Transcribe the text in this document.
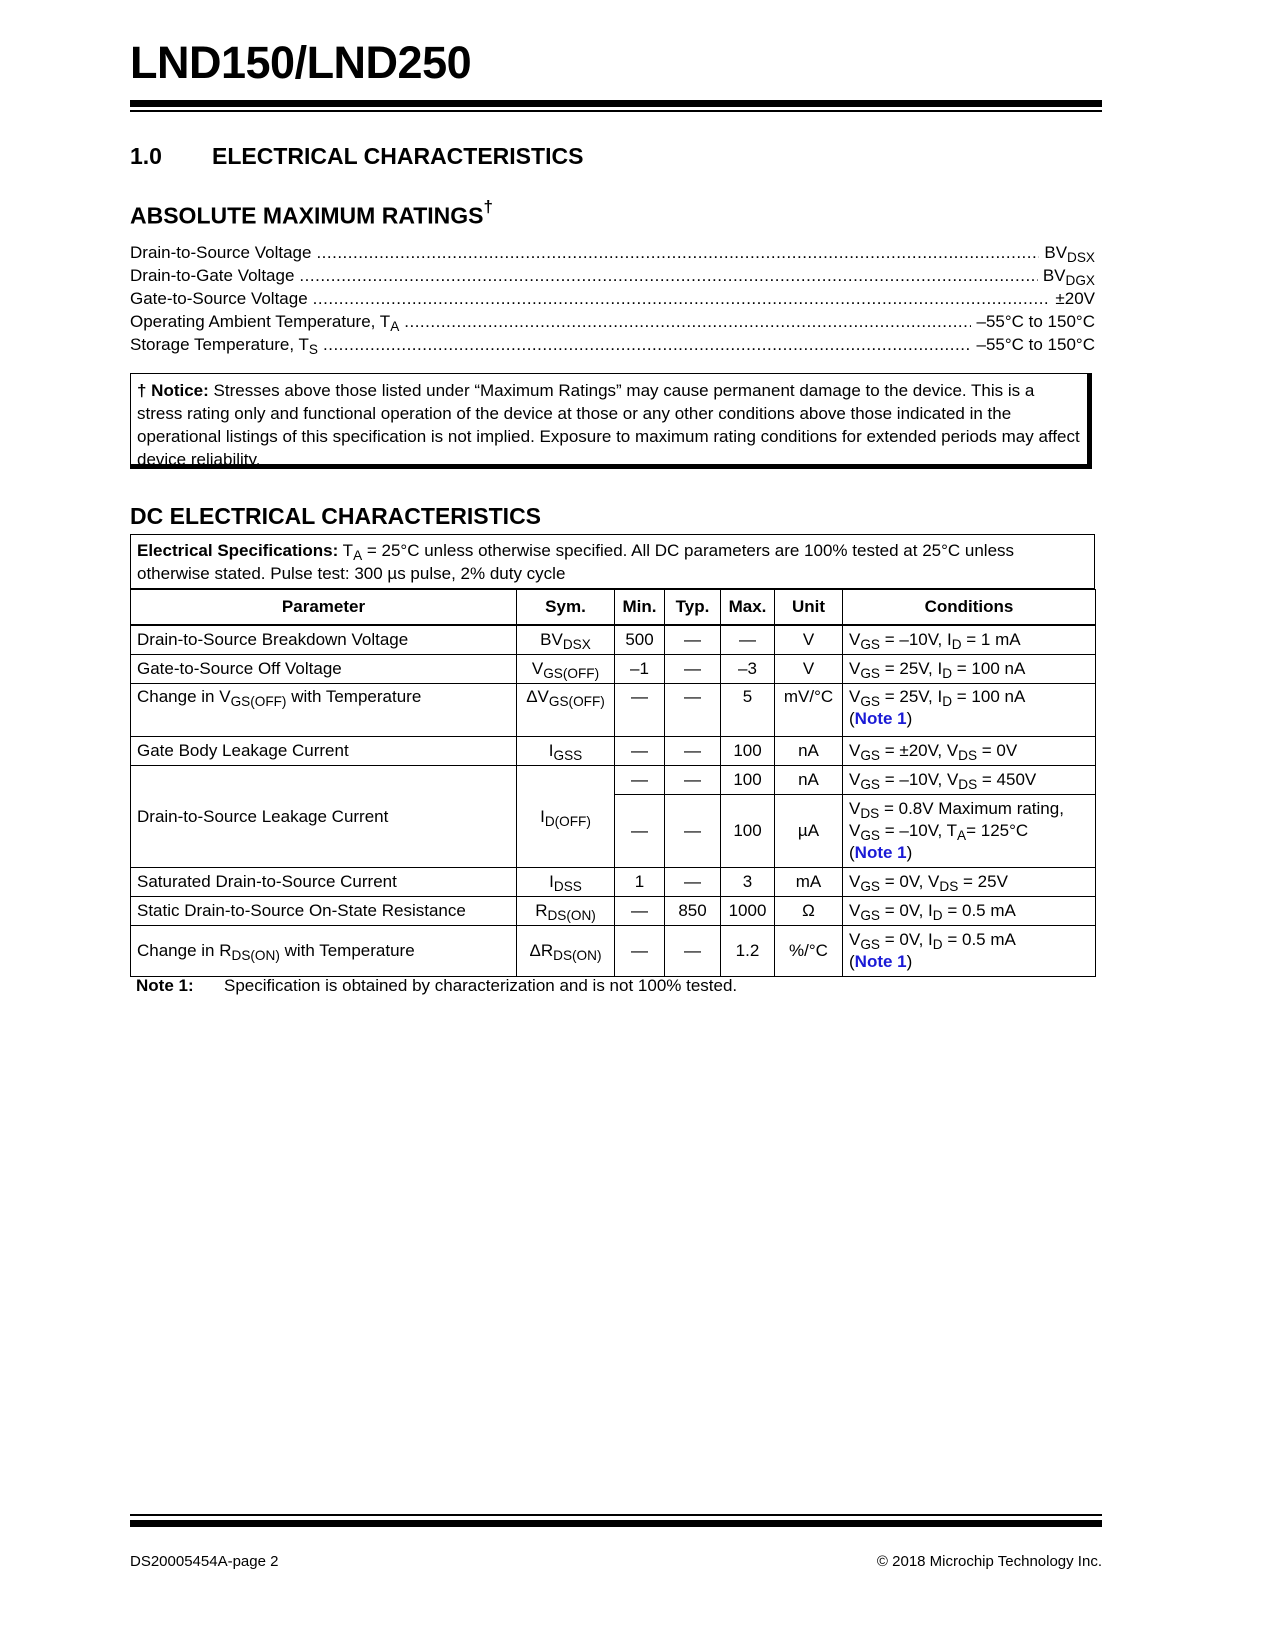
LND150/LND250
1.0 ELECTRICAL CHARACTERISTICS
ABSOLUTE MAXIMUM RATINGS†
Drain-to-Source Voltage .....	$BV_{DSX}$
Drain-to-Gate Voltage .....	$BV_{DGX}$
Gate-to-Source Voltage .....	±20V
Operating Ambient Temperature, $T_A$ .....	–55°C to 150°C
Storage Temperature, $T_S$ .....	–55°C to 150°C
† Notice: Stresses above those listed under “Maximum Ratings” may cause permanent damage to the device. This is a stress rating only and functional operation of the device at those or any other conditions above those indicated in the operational listings of this specification is not implied. Exposure to maximum rating conditions for extended periods may affect device reliability.
DC ELECTRICAL CHARACTERISTICS
Electrical Specifications: $T_A = 25^\circ C$ unless otherwise specified. All DC parameters are 100% tested at 25°C unless otherwise stated. Pulse test: 300 µs pulse, 2% duty cycle
Parameter	Sym.	Min.	Typ.	Max.	Unit	Conditions
Drain-to-Source Breakdown Voltage	$BV_{DSX}$	500	—	—	V	$V_{GS} = -10V$, $I_D = 1$ mA
Gate-to-Source Off Voltage	$V_{GS(OFF)}$	–1	—	–3	V	$V_{GS} = 25V$, $I_D = 100$ nA
Change in $V_{GS(OFF)}$ with Temperature	$\Delta V_{GS(OFF)}$	—	—	5	mV/°C	$V_{GS} = 25V$, $I_D = 100$ nA
(Note 1)
Gate Body Leakage Current	$I_{GSS}$	—	—	100	nA	$V_{GS} = \pm 20V$, $V_{DS} = 0V$
Drain-to-Source Leakage Current	$I_{D(OFF)}$	—	—	100	nA	$V_{GS} = -10V$, $V_{DS} = 450V$
		—	—	100	µA	$V_{DS} = 0.8V$ Maximum rating,
$V_{GS} = -10V$, $T_A= 125^\circ C$
(Note 1)
Saturated Drain-to-Source Current	$I_{DSS}$	1	—	3	mA	$V_{GS} = 0V$, $V_{DS} = 25V$
Static Drain-to-Source On-State Resistance	$R_{DS(ON)}$	—	850	1000	Ω	$V_{GS} = 0V$, $I_D = 0.5$ mA
Change in $R_{DS(ON)}$ with Temperature	$\Delta R_{DS(ON)}$	—	—	1.2	%/°C	$V_{GS} = 0V$, $I_D = 0.5$ mA
(Note 1)
Note 1: Specification is obtained by characterization and is not 100% tested.
DS20005454A-page 2	© 2018 Microchip Technology Inc.
